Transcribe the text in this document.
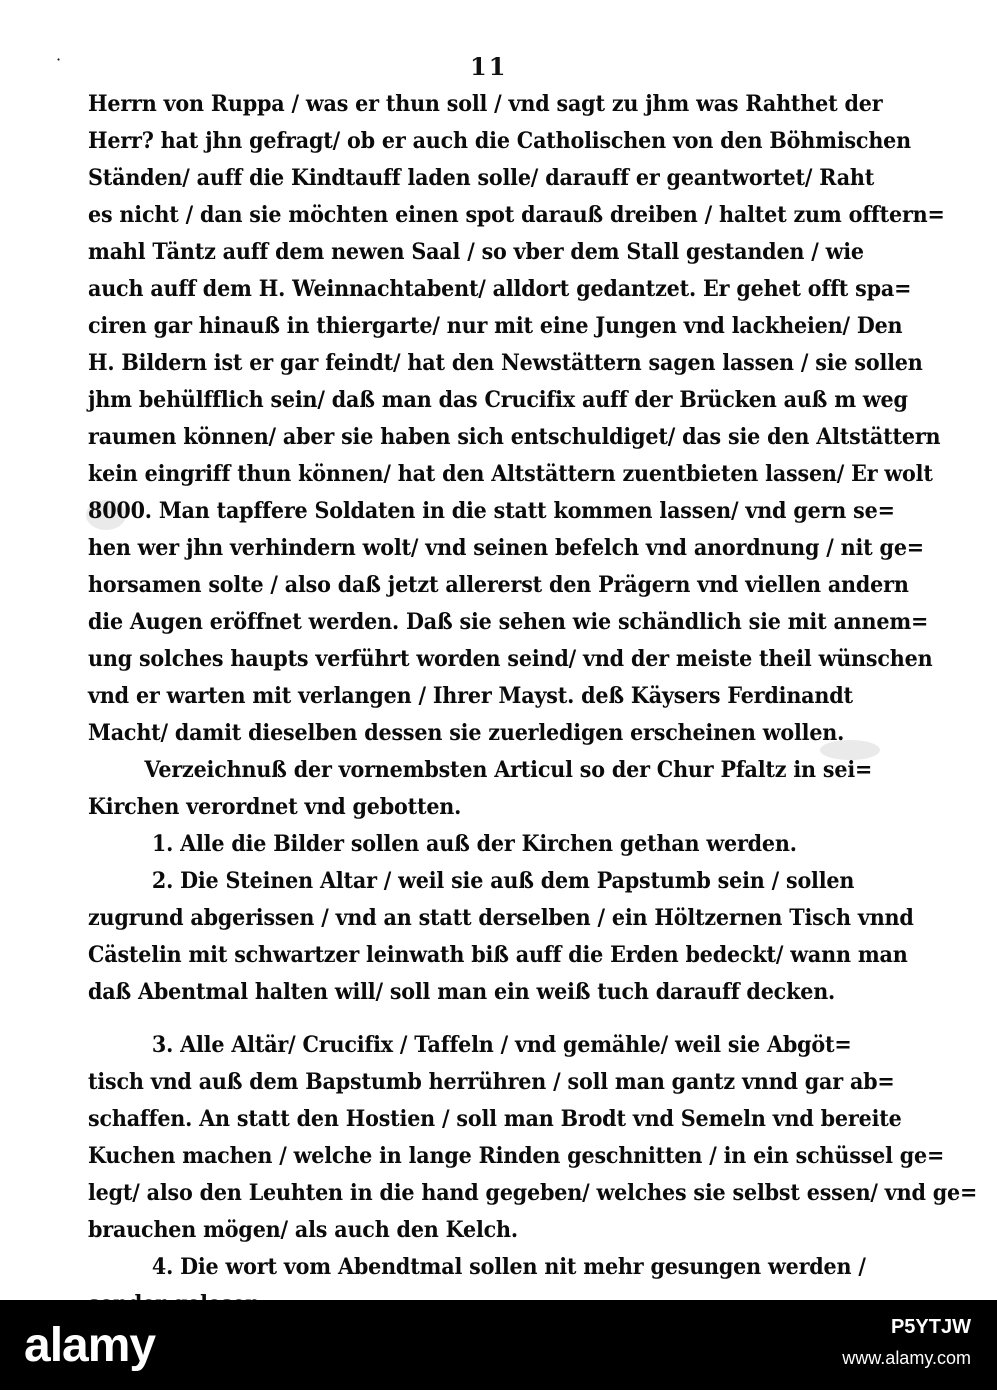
·	11
Herrn von Ruppa / was er thun soll / vnd sagt zu jhm was Rahthet der
Herr? hat jhn gefragt/ ob er auch die Catholischen von den Böhmischen
Ständen/ auff die Kindtauff laden solle/ darauff er geantwortet/ Raht
es nicht / dan sie möchten einen spot darauß dreiben / haltet zum offtern=
mahl Täntz auff dem newen Saal / so vber dem Stall gestanden / wie
auch auff dem H. Weinnachtabent/ alldort gedantzet. Er gehet offt spa=
ciren gar hinauß in thiergarte/ nur mit eine Jungen vnd lackheien/ Den
H. Bildern ist er gar feindt/ hat den Newstättern sagen lassen / sie sollen
jhm behülfflich sein/ daß man das Crucifix auff der Brücken auß m weg
raumen können/ aber sie haben sich entschuldiget/ das sie den Altstättern
kein eingriff thun können/ hat den Altstättern zuentbieten lassen/ Er wolt
8000. Man tapffere Soldaten in die statt kommen lassen/ vnd gern se=
hen wer jhn verhindern wolt/ vnd seinen befelch vnd anordnung / nit ge=
horsamen solte / also daß jetzt allererst den Prägern vnd viellen andern
die Augen eröffnet werden. Daß sie sehen wie schändlich sie mit annem=
ung solches haupts verführt worden seind/ vnd der meiste theil wünschen
vnd er warten mit verlangen / Ihrer Mayst. deß Käysers Ferdinandt
Macht/ damit dieselben dessen sie zuerledigen erscheinen wollen.
Verzeichnuß der vornembsten Articul so der Chur Pfaltz in sei=
Kirchen verordnet vnd gebotten.
1. Alle die Bilder sollen auß der Kirchen gethan werden.
2. Die Steinen Altar / weil sie auß dem Papstumb sein / sollen
zugrund abgerissen / vnd an statt derselben / ein Höltzernen Tisch vnnd
Cästelin mit schwartzer leinwath biß auff die Erden bedeckt/ wann man
daß Abentmal halten will/ soll man ein weiß tuch darauff decken.
3. Alle Altär/ Crucifix / Taffeln / vnd gemähle/ weil sie Abgöt=
tisch vnd auß dem Bapstumb herrühren / soll man gantz vnnd gar ab=
schaffen. An statt den Hostien / soll man Brodt vnd Semeln vnd bereite
Kuchen machen / welche in lange Rinden geschnitten / in ein schüssel ge=
legt/ also den Leuhten in die hand gegeben/ welches sie selbst essen/ vnd ge=
brauchen mögen/ als auch den Kelch.
4. Die wort vom Abendtmal sollen nit mehr gesungen werden /
alamy	P5YTJW
www.alamy.com
